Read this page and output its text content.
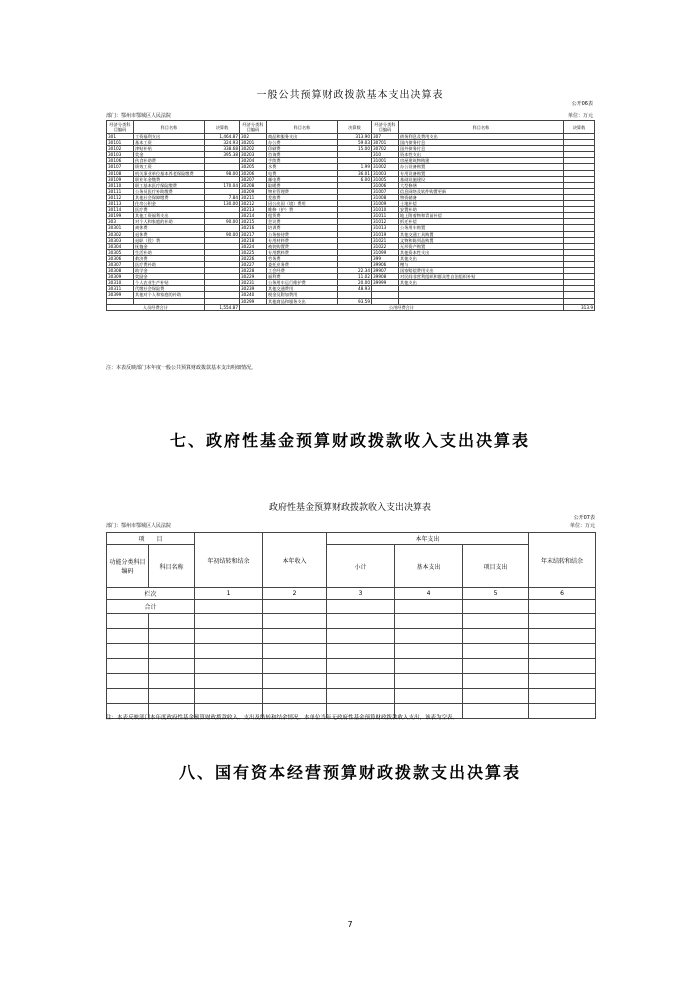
一般公共预算财政拨款基本支出决算表
公开06表
部门：鄂州市鄂城区人民法院	单位：万元
经济分类科目编码	科目名称	决算数	经济分类科目编码	科目名称	决算数	经济分类科目编码	科目名称	决算数
301	工资福利支出	1,464.87	302	商品和服务支出	313.90	307	债务利息及费用支出	
30101	基本工资	324.93	30201	办公费	59.03	30701	国内债务付息	
30102	津贴补贴	338.68	30202	印刷费	15.00	30702	国外债务付息	
30103	奖金	395.38	30203	咨询费		310	资本性支出	
30106	伙食补助费		30204	手续费		31001	房屋建筑物购建	
30107	绩效工资		30205	水费	1.99	31002	办公设备购置	
30108	机关事业单位基本养老保险缴费	98.00	30206	电费	36.01	31003	专用设备购置	
30109	职业年金缴费		30207	邮电费	6.00	31005	基础设施建设	
30110	职工基本医疗保险缴费	170.04	30208	取暖费		31006	大型修缮	
30111	公务员医疗补助缴费		30209	物业管理费		31007	信息网络及软件购置更新	
30112	其他社会保障缴费	7.84	30211	差旅费		31008	物资储备	
30113	住房公积金	130.00	30212	因公出国（境）费用		31009	土地补偿	
30114	医疗费		30213	维修（护）费		31010	安置补助	
30199	其他工资福利支出		30214	租赁费		31011	地上附着物和青苗补偿	
303	对个人和家庭的补助	90.00	30215	会议费		31012	拆迁补偿	
30301	离休费		30216	培训费		31013	公务用车购置	
30302	退休费	90.00	30217	公务接待费		31019	其他交通工具购置	
30303	退职（役）费		30218	专用材料费		31021	文物和陈列品购置	
30304	抚恤金		30224	被装购置费		31022	无形资产购置	
30305	生活补助		30225	专用燃料费		31099	其他资本性支出	
30306	救济费		30226	劳务费		399	其他支出	
30307	医疗费补助		30227	委托业务费		39906	赠与	
30308	助学金		30228	工会经费	22.34	39907	国家赔偿费用支出	
30309	奖励金		30229	福利费	11.02	39908	对民间非营利组织和群众性自治组织补贴	
30310	个人农业生产补贴		30231	公务用车运行维护费	20.00	39999	其他支出	
30311	代缴社会保险费		30239	其他交通费用	48.93			
30399	其他对个人和家庭的补助		30240	税金及附加费用				
			30299	其他商品和服务支出	93.59			
人员经费合计		1,554.87	公用经费合计					313.9
注：本表反映部门本年度一般公共预算财政拨款基本支出明细情况。
七、政府性基金预算财政拨款收入支出决算表
政府性基金预算财政拨款收入支出决算表
公开07表
部门：鄂州市鄂城区人民法院	单位：万元
项　　目		年初结转和结余	本年收入	本年支出			年末结转和结余
功能分类科目编码	科目名称			小计	基本支出	项目支出	
栏次		1	2	3	4	5	6
合计							

注：本表反映部门本年度政府性基金预算财政拨款收入、支出及结转和结余情况。本单位当年无政府性基金预算财政拨款收入支出，该表为空表。
八、国有资本经营预算财政拨款支出决算表
7
